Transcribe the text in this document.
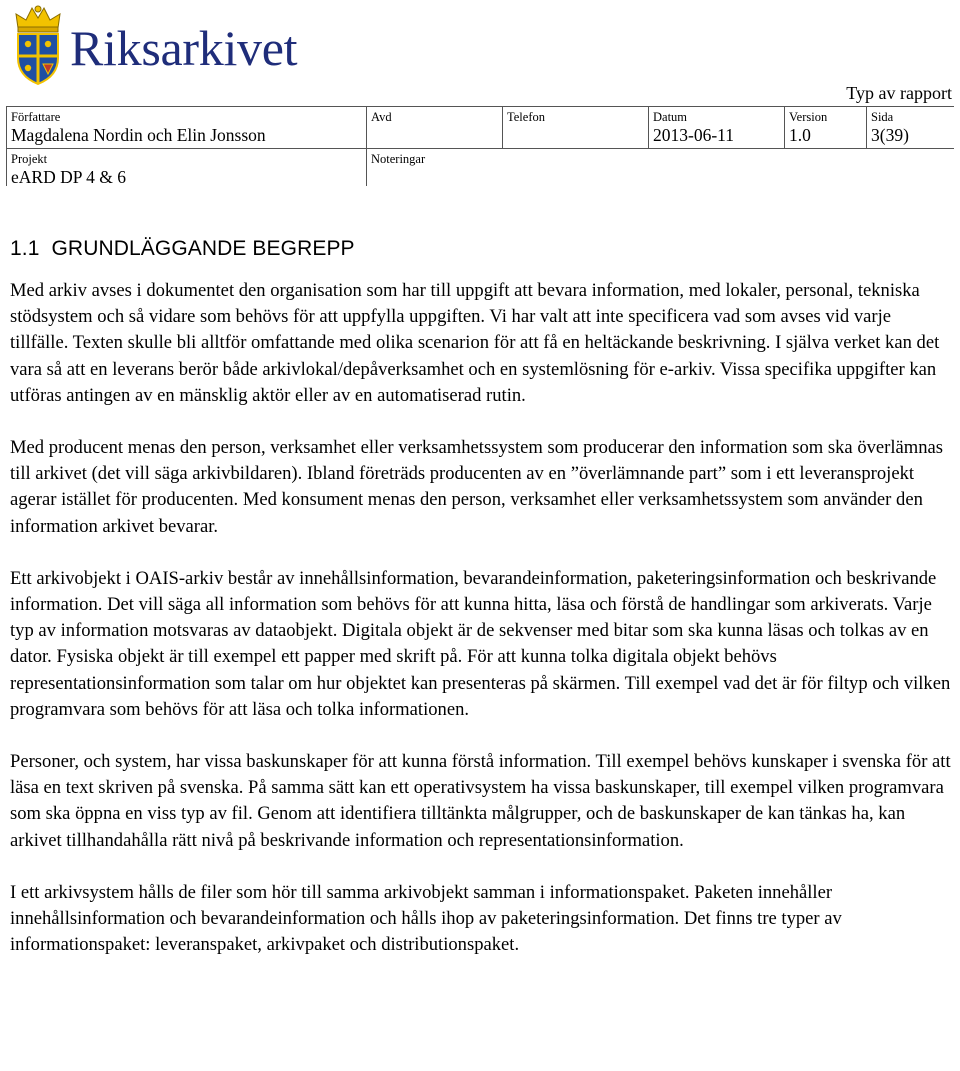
Riksarkivet
Typ av rapport
Författare
Magdalena Nordin och Elin Jonsson
Avd	Telefon	Datum
2013-06-11
Version
1.0
Sida
3(39)
Projekt
eARD DP 4 & 6
Noteringar
1.1 GRUNDLÄGGANDE BEGREPP

Med arkiv avses i dokumentet den organisation som har till uppgift att bevara information, med lokaler, personal, tekniska stödsystem och så vidare som behövs för att uppfylla uppgiften. Vi har valt att inte specificera vad som avses vid varje tillfälle. Texten skulle bli alltför omfattande med olika scenarion för att få en heltäckande beskrivning. I själva verket kan det vara så att en leverans berör både arkivlokal/depåverksamhet och en systemlösning för e-arkiv. Vissa specifika uppgifter kan utföras antingen av en mänsklig aktör eller av en automatiserad rutin.

Med producent menas den person, verksamhet eller verksamhetssystem som producerar den information som ska överlämnas till arkivet (det vill säga arkivbildaren). Ibland företräds producenten av en ”överlämnande part” som i ett leveransprojekt agerar istället för producenten. Med konsument menas den person, verksamhet eller verksamhetssystem som använder den information arkivet bevarar.

Ett arkivobjekt i OAIS-arkiv består av innehållsinformation, bevarandeinformation, paketeringsinformation och beskrivande information. Det vill säga all information som behövs för att kunna hitta, läsa och förstå de handlingar som arkiverats. Varje typ av information motsvaras av dataobjekt. Digitala objekt är de sekvenser med bitar som ska kunna läsas och tolkas av en dator. Fysiska objekt är till exempel ett papper med skrift på. För att kunna tolka digitala objekt behövs representationsinformation som talar om hur objektet kan presenteras på skärmen. Till exempel vad det är för filtyp och vilken programvara som behövs för att läsa och tolka informationen.

Personer, och system, har vissa baskunskaper för att kunna förstå information. Till exempel behövs kunskaper i svenska för att läsa en text skriven på svenska. På samma sätt kan ett operativsystem ha vissa baskunskaper, till exempel vilken programvara som ska öppna en viss typ av fil. Genom att identifiera tilltänkta målgrupper, och de baskunskaper de kan tänkas ha, kan arkivet tillhandahålla rätt nivå på beskrivande information och representationsinformation.

I ett arkivsystem hålls de filer som hör till samma arkivobjekt samman i informationspaket. Paketen innehåller innehållsinformation och bevarandeinformation och hålls ihop av paketeringsinformation. Det finns tre typer av informationspaket: leveranspaket, arkivpaket och distributionspaket.
